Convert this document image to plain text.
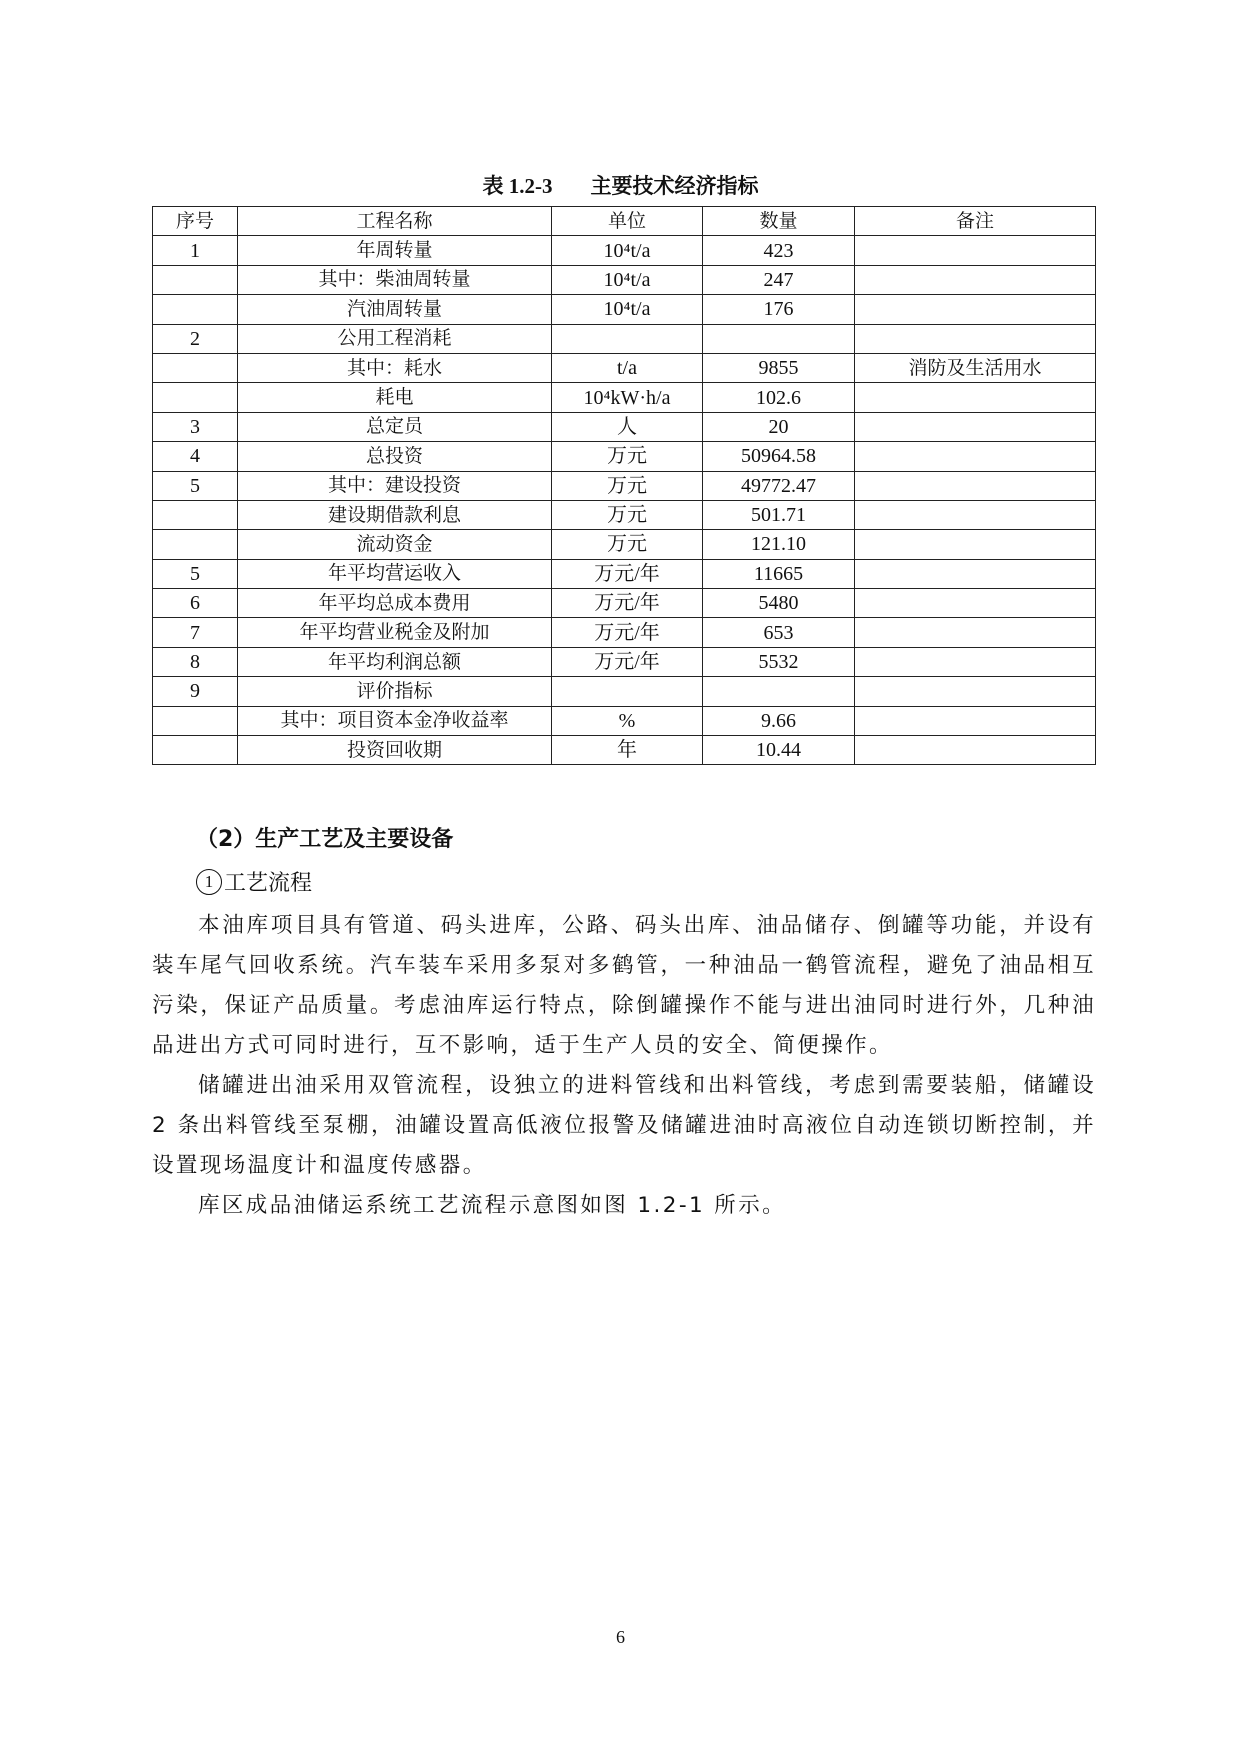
表 1.2-3 主要技术经济指标
序号	工程名称	单位	数量	备注
1	年周转量	10⁴t/a	423	
	其中：柴油周转量	10⁴t/a	247	
	汽油周转量	10⁴t/a	176	
2	公用工程消耗			
	其中：耗水	t/a	9855	消防及生活用水
	耗电	10⁴kW·h/a	102.6	
3	总定员	人	20	
4	总投资	万元	50964.58	
5	其中：建设投资	万元	49772.47	
	建设期借款利息	万元	501.71	
	流动资金	万元	121.10	
5	年平均营运收入	万元/年	11665	
6	年平均总成本费用	万元/年	5480	
7	年平均营业税金及附加	万元/年	653	
8	年平均利润总额	万元/年	5532	
9	评价指标			
	其中：项目资本金净收益率	%	9.66	
	投资回收期	年	10.44	
（2）生产工艺及主要设备
1 工艺流程

本油库项目具有管道、码头进库，公路、码头出库、油品储存、倒罐等功能，并设有装车尾气回收系统。汽车装车采用多泵对多鹤管，一种油品一鹤管流程，避免了油品相互污染，保证产品质量。考虑油库运行特点，除倒罐操作不能与进出油同时进行外，几种油品进出方式可同时进行，互不影响，适于生产人员的安全、简便操作。

储罐进出油采用双管流程，设独立的进料管线和出料管线，考虑到需要装船，储罐设 2 条出料管线至泵棚，油罐设置高低液位报警及储罐进油时高液位自动连锁切断控制，并设置现场温度计和温度传感器。

库区成品油储运系统工艺流程示意图如图 1.2-1 所示。

6
